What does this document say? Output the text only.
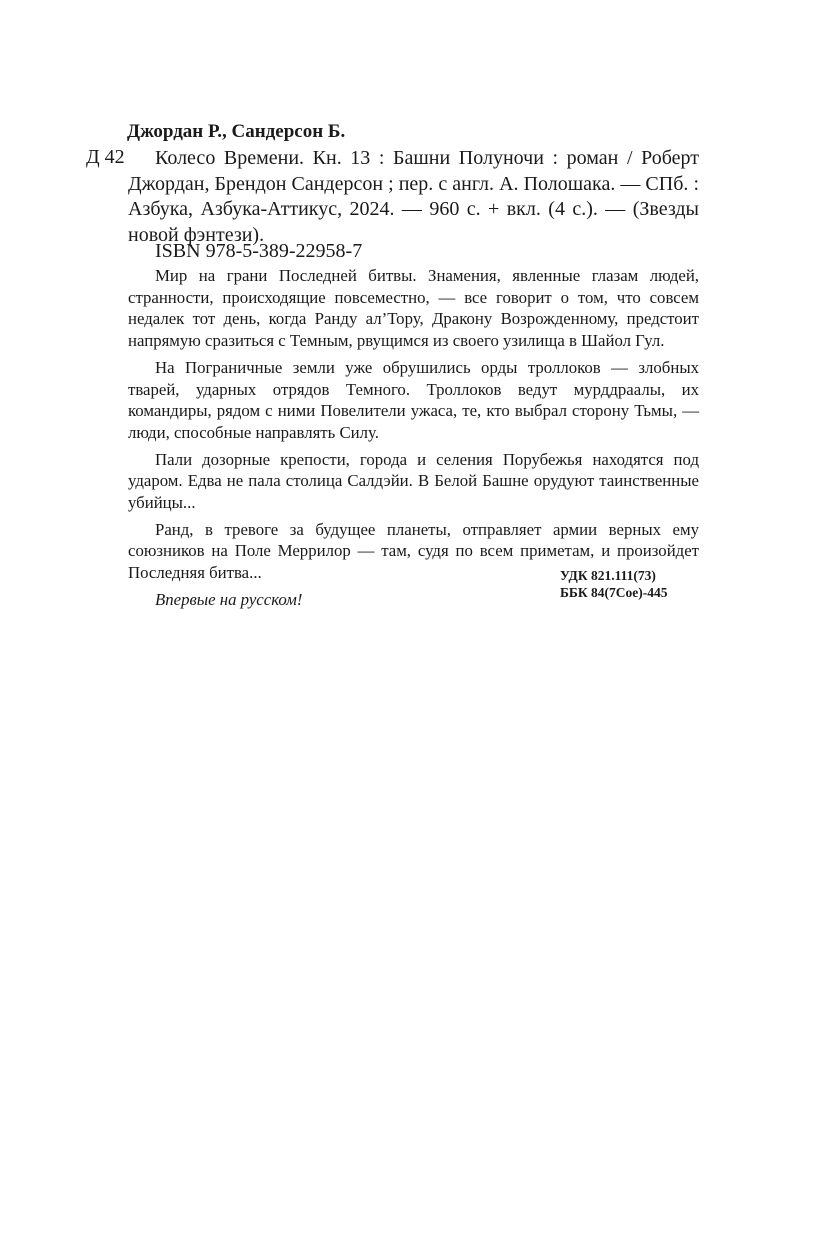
Джордан Р., Сандерсон Б.

Д 42	Колесо Времени. Кн. 13 : Башни Полуночи : роман / Роберт Джордан, Брендон Сандерсон ; пер. с англ. А. Полошака. — СПб. : Азбука, Азбука-Аттикус, 2024. — 960 с. + вкл. (4 с.). — (Звезды новой фэнтези).

ISBN 978-5-389-22958-7

Мир на грани Последней битвы. Знамения, явленные глазам людей, странности, происходящие повсеместно, — все говорит о том, что совсем недалек тот день, когда Ранду ал’Тору, Дракону Возрожденному, предстоит напрямую сразиться с Темным, рвущимся из своего узилища в Шайол Гул.

На Пограничные земли уже обрушились орды троллоков — злобных тварей, ударных отрядов Темного. Троллоков ведут мурддраалы, их командиры, рядом с ними Повелители ужаса, те, кто выбрал сторону Тьмы, — люди, способные направлять Силу.

Пали дозорные крепости, города и селения Порубежья находятся под ударом. Едва не пала столица Салдэйи. В Белой Башне орудуют таинственные убийцы...

Ранд, в тревоге за будущее планеты, отправляет армии верных ему союзников на Поле Меррилор — там, судя по всем приметам, и произойдет Последняя битва...

Впервые на русском!

УДК 821.111(73)
ББК 84(7Сое)-445
